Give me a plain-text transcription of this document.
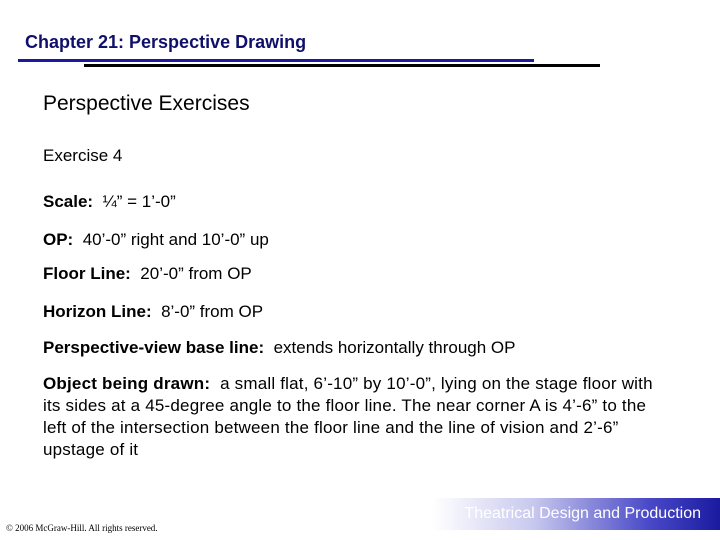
Chapter 21: Perspective Drawing
Perspective Exercises
Exercise 4
Scale: ¼” = 1’-0”
OP: 40’-0” right and 10’-0” up
Floor Line: 20’-0” from OP
Horizon Line: 8’-0” from OP
Perspective-view base line: extends horizontally through OP
Object being drawn: a small flat, 6’-10” by 10’-0”, lying on the stage floor with its sides at a 45-degree angle to the floor line. The near corner A is 4’-6” to the left of the intersection between the floor line and the line of vision and 2’-6” upstage of it
Theatrical Design and Production
© 2006 McGraw-Hill. All rights reserved.
